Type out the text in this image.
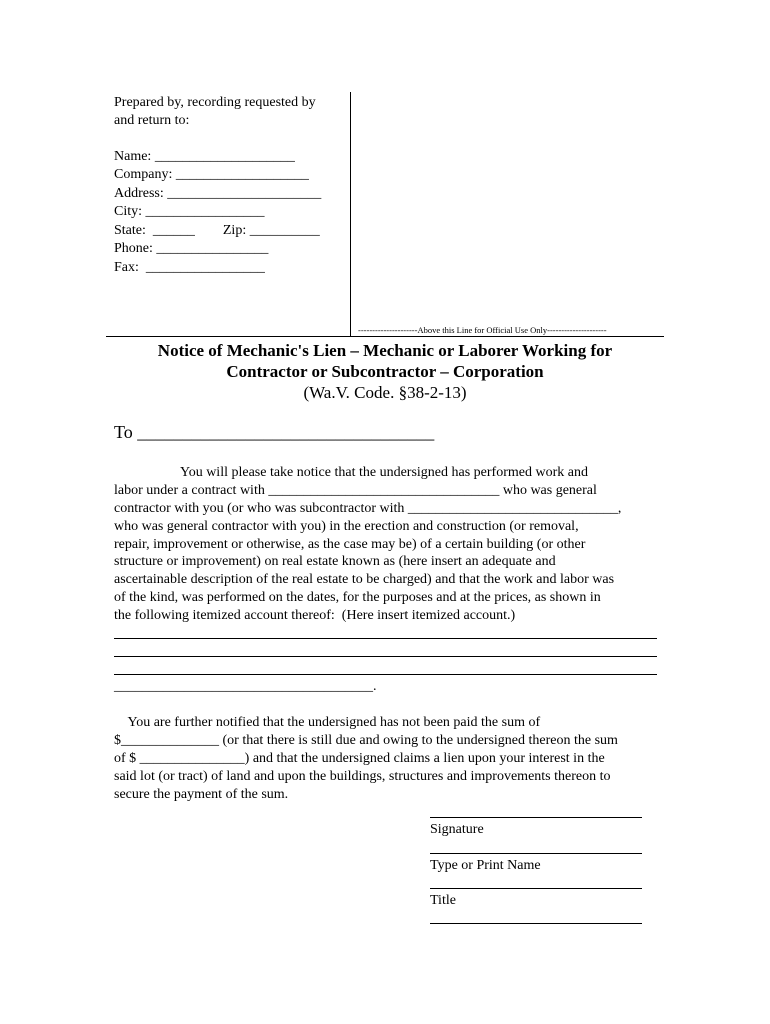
Prepared by, recording requested by
and return to:
Name: ____________________
Company: ___________________
Address: ______________________
City: _________________
State:  ______        Zip: __________
Phone: ________________
Fax:  _________________
---------------------Above this Line for Official Use Only---------------------
Notice of Mechanic's Lien – Mechanic or Laborer Working for
Contractor or Subcontractor – Corporation
(Wa.V. Code. §38-2-13)
To _________________________________
You will please take notice that the undersigned has performed work and
labor under a contract with _________________________________ who was general
contractor with you (or who was subcontractor with ______________________________,
who was general contractor with you) in the erection and construction (or removal,
repair, improvement or otherwise, as the case may be) of a certain building (or other
structure or improvement) on real estate known as (here insert an adequate and
ascertainable description of the real estate to be charged) and that the work and labor was
of the kind, was performed on the dates, for the purposes and at the prices, as shown in
the following itemized account thereof:  (Here insert itemized account.)
_____________________________________.
You are further notified that the undersigned has not been paid the sum of
$______________ (or that there is still due and owing to the undersigned thereon the sum
of $ _______________) and that the undersigned claims a lien upon your interest in the
said lot (or tract) of land and upon the buildings, structures and improvements thereon to
secure the payment of the sum.
Signature
Type or Print Name
Title
